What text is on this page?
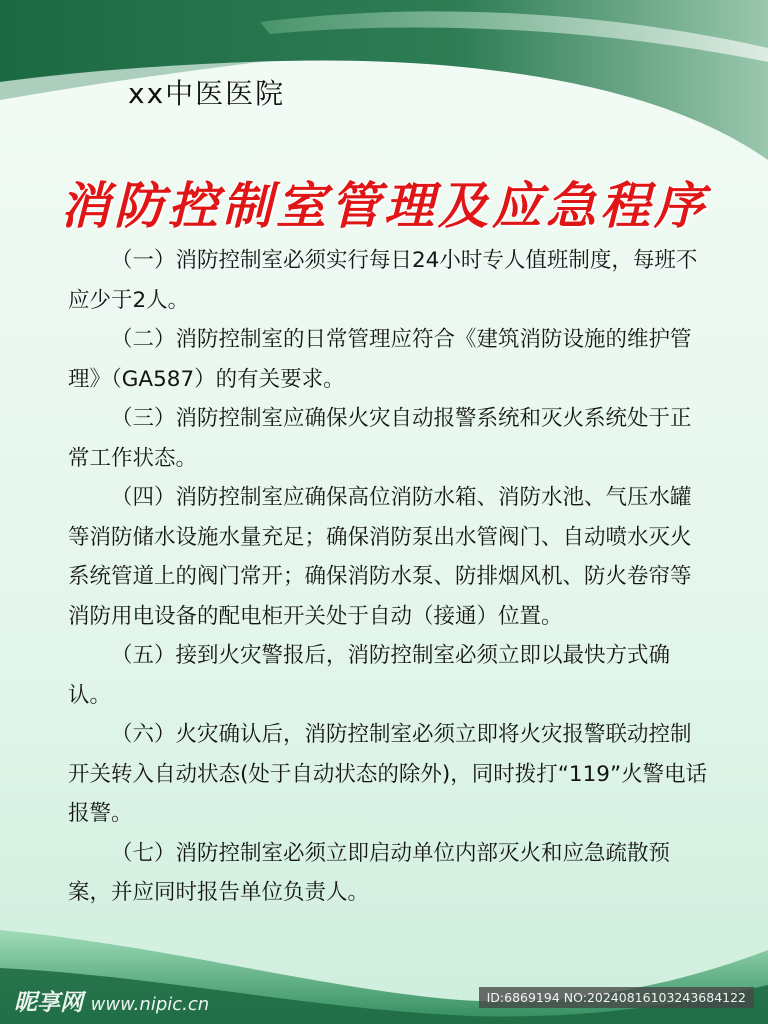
xx中医医院
消防控制室管理及应急程序

（一）消防控制室必须实行每日24小时专人值班制度，每班不应少于2人。

（二）消防控制室的日常管理应符合《建筑消防设施的维护管理》（GA587）的有关要求。

（三）消防控制室应确保火灾自动报警系统和灭火系统处于正常工作状态。

（四）消防控制室应确保高位消防水箱、消防水池、气压水罐等消防储水设施水量充足；确保消防泵出水管阀门、自动喷水灭火系统管道上的阀门常开；确保消防水泵、防排烟风机、防火卷帘等消防用电设备的配电柜开关处于自动（接通）位置。

（五）接到火灾警报后，消防控制室必须立即以最快方式确认。

（六）火灾确认后，消防控制室必须立即将火灾报警联动控制开关转入自动状态(处于自动状态的除外)，同时拨打“119”火警电话报警。

（七）消防控制室必须立即启动单位内部灭火和应急疏散预案，并应同时报告单位负责人。

昵享网 www.nipic.cn	ID:6869194 NO:20240816103243684122
